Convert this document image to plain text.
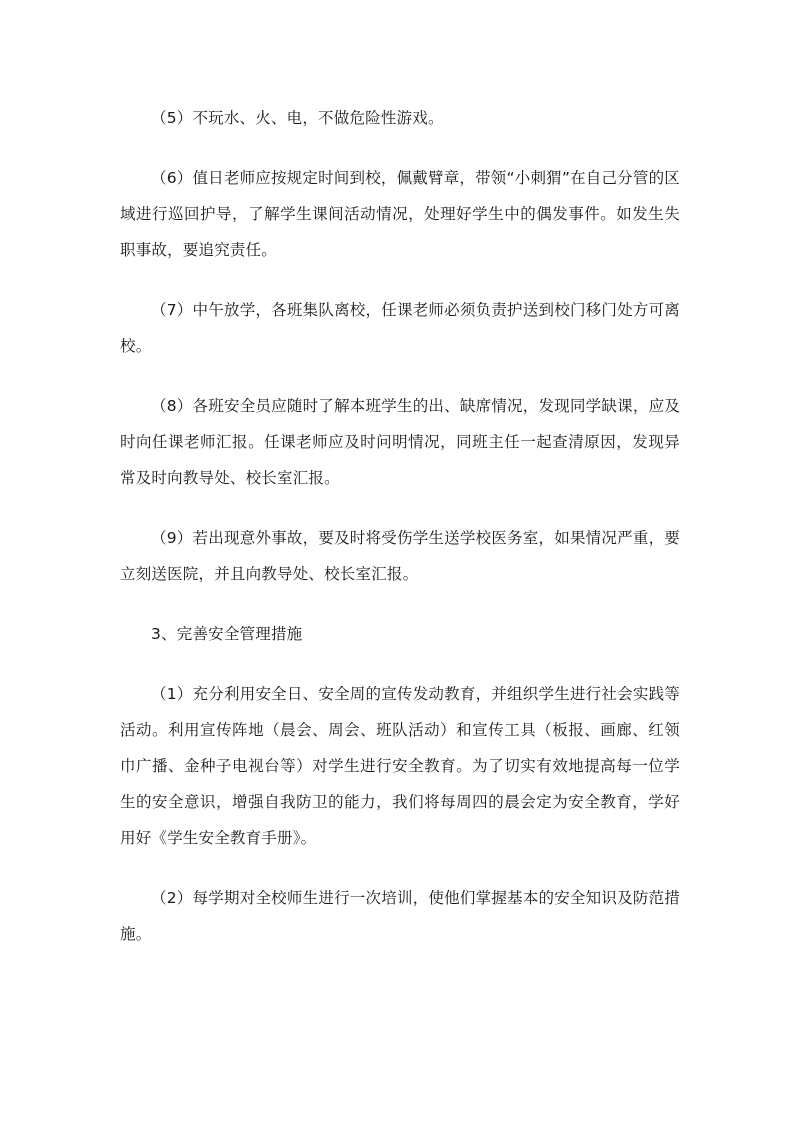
（5）不玩水、火、电，不做危险性游戏。

（6）值日老师应按规定时间到校，佩戴臂章，带领“小刺猬”在自己分管的区域进行巡回护导，了解学生课间活动情况，处理好学生中的偶发事件。如发生失职事故，要追究责任。

（7）中午放学，各班集队离校，任课老师必须负责护送到校门移门处方可离校。

（8）各班安全员应随时了解本班学生的出、缺席情况，发现同学缺课，应及时向任课老师汇报。任课老师应及时问明情况，同班主任一起查清原因，发现异常及时向教导处、校长室汇报。

（9）若出现意外事故，要及时将受伤学生送学校医务室，如果情况严重，要立刻送医院，并且向教导处、校长室汇报。

3、完善安全管理措施

（1）充分利用安全日、安全周的宣传发动教育，并组织学生进行社会实践等活动。利用宣传阵地（晨会、周会、班队活动）和宣传工具（板报、画廊、红领巾广播、金种子电视台等）对学生进行安全教育。为了切实有效地提高每一位学生的安全意识，增强自我防卫的能力，我们将每周四的晨会定为安全教育，学好用好《学生安全教育手册》。

（2）每学期对全校师生进行一次培训，使他们掌握基本的安全知识及防范措施。
